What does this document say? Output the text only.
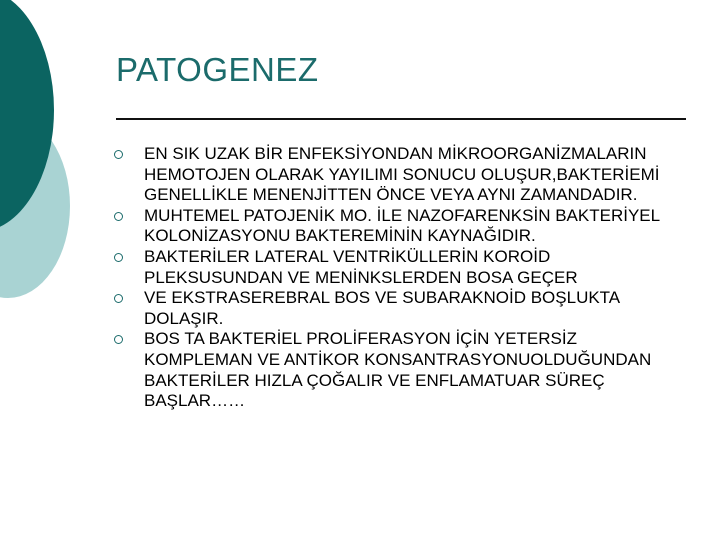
PATOGENEZ
EN SIK UZAK BİR ENFEKSİYONDAN MİKROORGANİZMALARIN HEMOTOJEN OLARAK YAYILIMI SONUCU OLUŞUR,BAKTERİEMİ GENELLİKLE MENENJİTTEN ÖNCE VEYA AYNI ZAMANDADIR.
MUHTEMEL PATOJENİK MO. İLE NAZOFARENKSİN BAKTERİYEL KOLONİZASYONU BAKTEREMİNİN KAYNAĞIDIR.
BAKTERİLER LATERAL VENTRİKÜLLERİN KOROİD PLEKSUSUNDAN VE MENİNKSLERDEN BOSA GEÇER
VE EKSTRASEREBRAL BOS VE SUBARAKNOİD BOŞLUKTA DOLAŞIR.
BOS TA BAKTERİEL PROLİFERASYON İÇİN YETERSİZ KOMPLEMAN VE ANTİKOR KONSANTRASYONUOLDUĞUNDAN BAKTERİLER HIZLA ÇOĞALIR VE ENFLAMATUAR SÜREÇ BAŞLAR……
